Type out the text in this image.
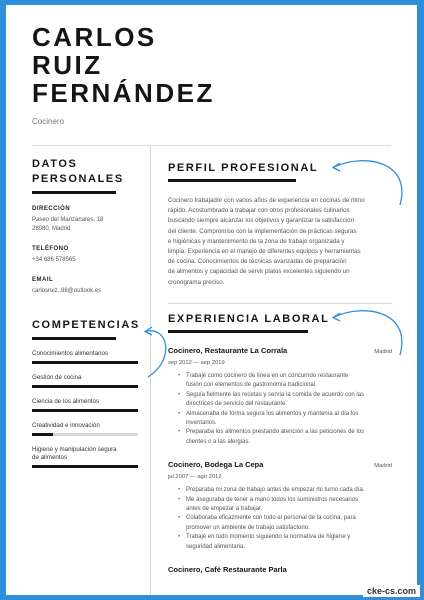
CARLOS
RUIZ
FERNÁNDEZ
Cocinero
DATOS
PERSONALES
DIRECCIÓN
Paseo del Manzanares, 18
28080, Madrid
TELÉFONO
+34 686 578565
EMAIL
carlosruiz..88@outlook.es
COMPETENCIAS
Conocimientos alimentarios
Gestión de cocina
Ciencia de los alimentos
Creatividad e innovación
Higiene y manipulación segura
de alimentos
PERFIL PROFESIONAL
Cocinero trabajador con varios años de experiencia en cocinas de ritmo
rápido. Acostumbrado a trabajar con otros profesionales culinarios
buscando siempre alcanzar los objetivos y garantizar la satisfacción
del cliente. Compromiso con la implementación de prácticas seguras
e higiénicas y mantenimiento de la zona de trabajo organizada y
limpia. Experiencia en el manejo de diferentes equipos y herramientas
de cocina. Conocimientos de técnicas avanzadas de preparación
de alimentos y capacidad de servir platos excelentes siguiendo un
cronograma preciso.
EXPERIENCIA LABORAL
Cocinero, Restaurante La Corrala	Madrid
sep 2012 — sep 2019
• Trabajé como cocinero de línea en un concurrido restaurante
fusión con elementos de gastronomía tradicional.
• Seguía fielmente las recetas y servía la comida de acuerdo con las
directrices de servicio del restaurante.
• Almacenaba de forma segura los alimentos y mantenía al día los
inventarios.
• Preparaba los alimentos prestando atención a las peticiones de los
clientes o a las alergias.
Cocinero, Bodega La Cepa	Madrid
jul 2007 — ago 2012
• Preparaba mi zona de trabajo antes de empezar mi turno cada día.
• Me aseguraba de tener a mano todos los suministros necesarios
antes de empezar a trabajar.
• Colaboraba eficazmente con todo el personal de la cocina, para
promover un ambiente de trabajo satisfactorio.
• Trabajé en todo momento siguiendo la normativa de higiene y
seguridad alimentaria.
Cocinero, Café Restaurante Parla
cke-cs.com
